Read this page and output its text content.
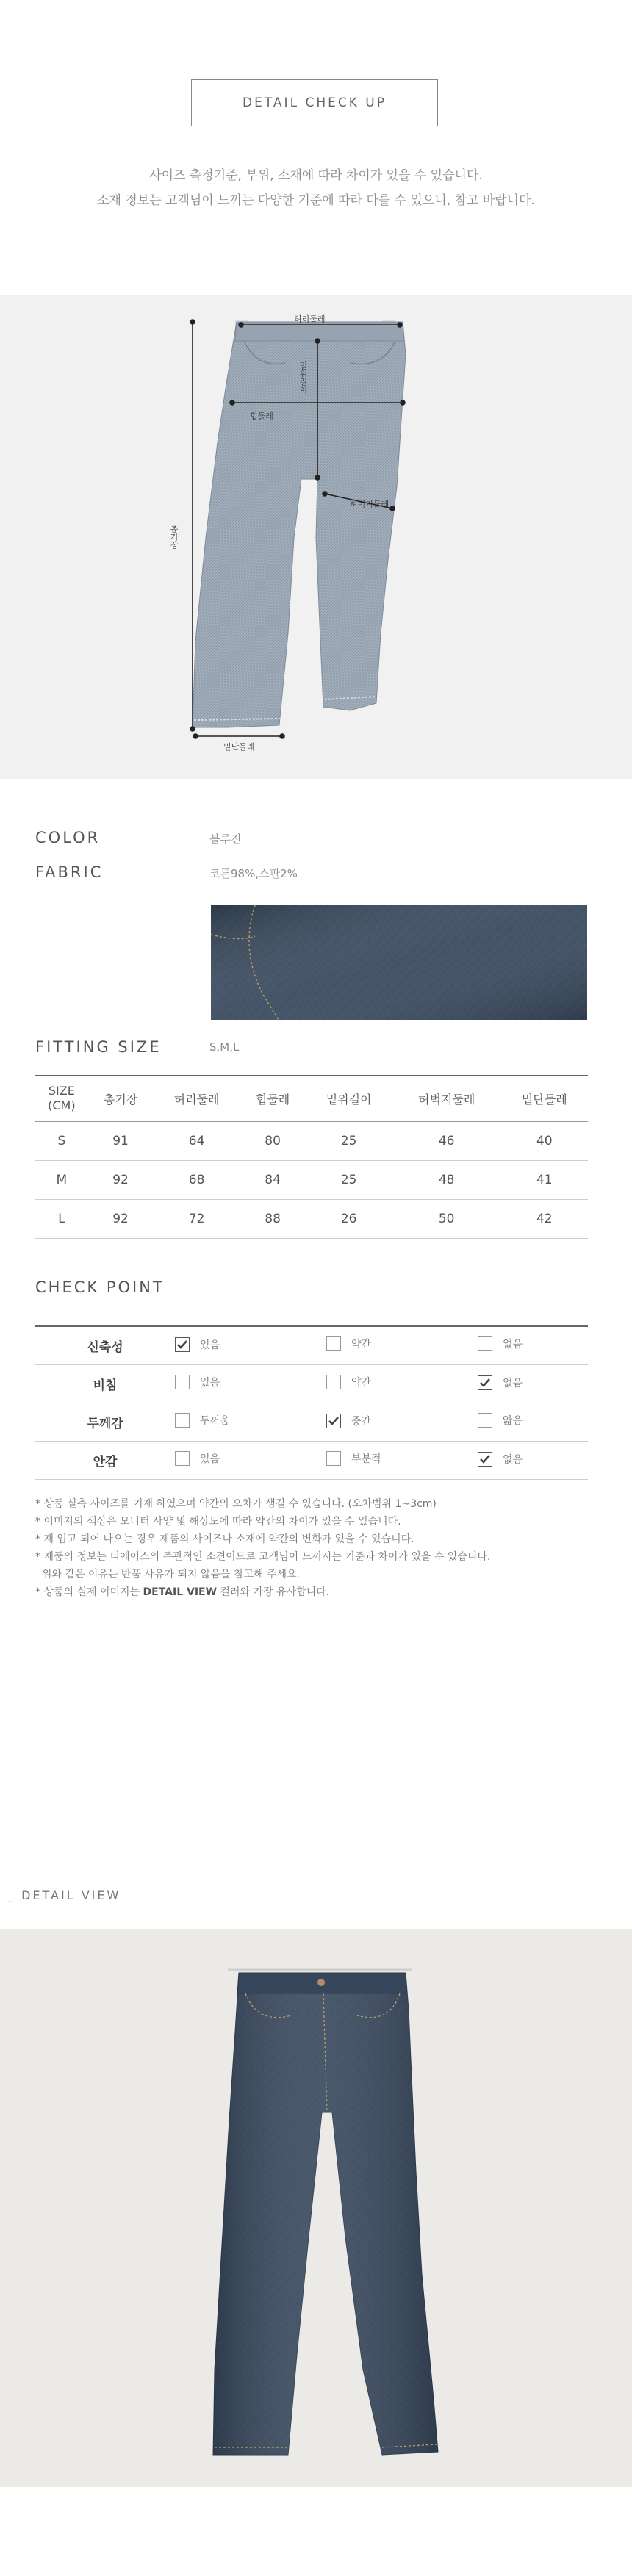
DETAIL CHECK UP
사이즈 측정기준, 부위, 소재에 따라 차이가 있을 수 있습니다.
소재 정보는 고객님이 느끼는 다양한 기준에 따라 다를 수 있으니, 참고 바랍니다.
허리둘레
밑위길이
힙둘레
허벅지둘레
총기장
밑단둘레
COLOR	블루진
FABRIC	코튼98%,스판2%
FITTING SIZE	S,M,L
SIZE
(CM)	총기장	허리둘레	힙둘레	밑위길이	허벅지둘레	밑단둘레
S	91	64	80	25	46	40
M	92	68	84	25	48	41
L	92	72	88	26	50	42
CHECK POINT
신축성	있음	약간	없음

비침	있음	약간	없음

두께감	두꺼움	중간	얇음

안감	있음	부분적	없음
* 상품 실측 사이즈를 기재 하였으며 약간의 오차가 생길 수 있습니다. (오차범위 1~3cm)
* 이미지의 색상은 모니터 사양 및 해상도에 따라 약간의 차이가 있을 수 있습니다.
* 재 입고 되어 나오는 경우 제품의 사이즈나 소재에 약간의 변화가 있을 수 있습니다.
* 제품의 정보는 디에이스의 주관적인 소견이므로 고객님이 느끼시는 기준과 차이가 있을 수 있습니다.
위와 같은 이유는 반품 사유가 되지 않음을 참고해 주세요.
* 상품의 실제 이미지는 DETAIL VIEW 컬러와 가장 유사합니다.
_ DETAIL VIEW
